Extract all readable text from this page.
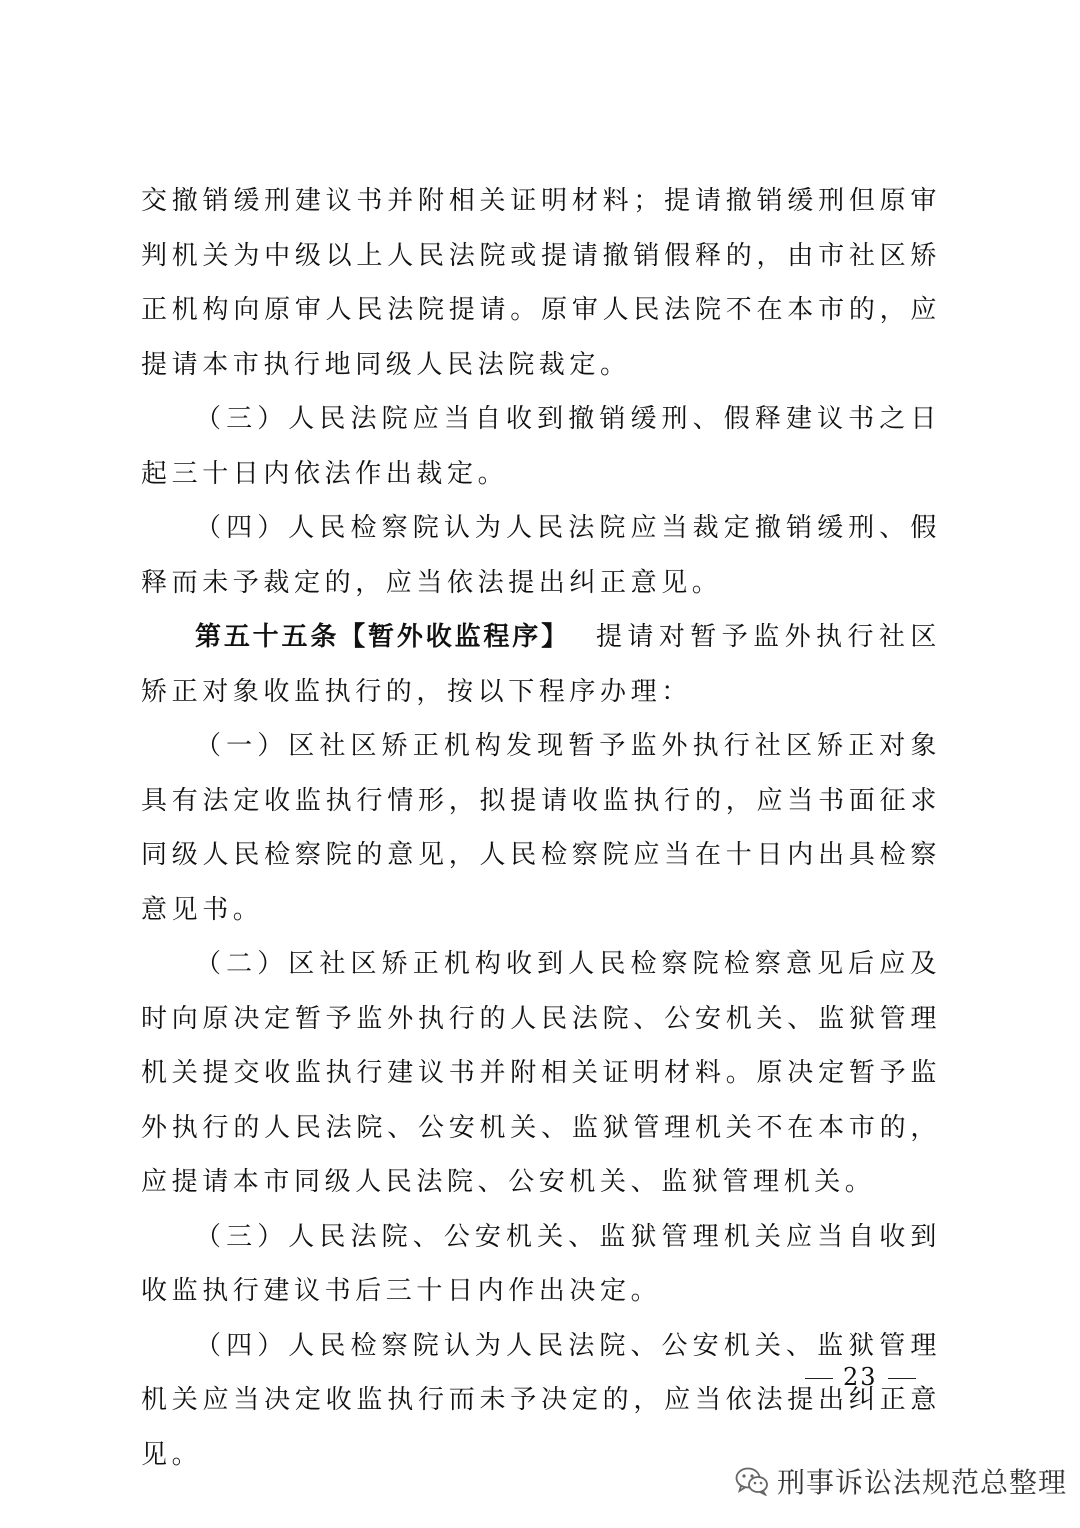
交撤销缓刑建议书并附相关证明材料；提请撤销缓刑但原审判机关为中级以上人民法院或提请撤销假释的，由市社区矫正机构向原审人民法院提请。原审人民法院不在本市的，应提请本市执行地同级人民法院裁定。

（三）人民法院应当自收到撤销缓刑、假释建议书之日起三十日内依法作出裁定。

（四）人民检察院认为人民法院应当裁定撤销缓刑、假释而未予裁定的，应当依法提出纠正意见。

第五十五条【暂外收监程序】 提请对暂予监外执行社区矫正对象收监执行的，按以下程序办理：

（一）区社区矫正机构发现暂予监外执行社区矫正对象具有法定收监执行情形，拟提请收监执行的，应当书面征求同级人民检察院的意见，人民检察院应当在十日内出具检察意见书。

（二）区社区矫正机构收到人民检察院检察意见后应及时向原决定暂予监外执行的人民法院、公安机关、监狱管理机关提交收监执行建议书并附相关证明材料。原决定暂予监外执行的人民法院、公安机关、监狱管理机关不在本市的，应提请本市同级人民法院、公安机关、监狱管理机关。

（三）人民法院、公安机关、监狱管理机关应当自收到收监执行建议书后三十日内作出决定。

（四）人民检察院认为人民法院、公安机关、监狱管理机关应当决定收监执行而未予决定的，应当依法提出纠正意见。

23
刑事诉讼法规范总整理
